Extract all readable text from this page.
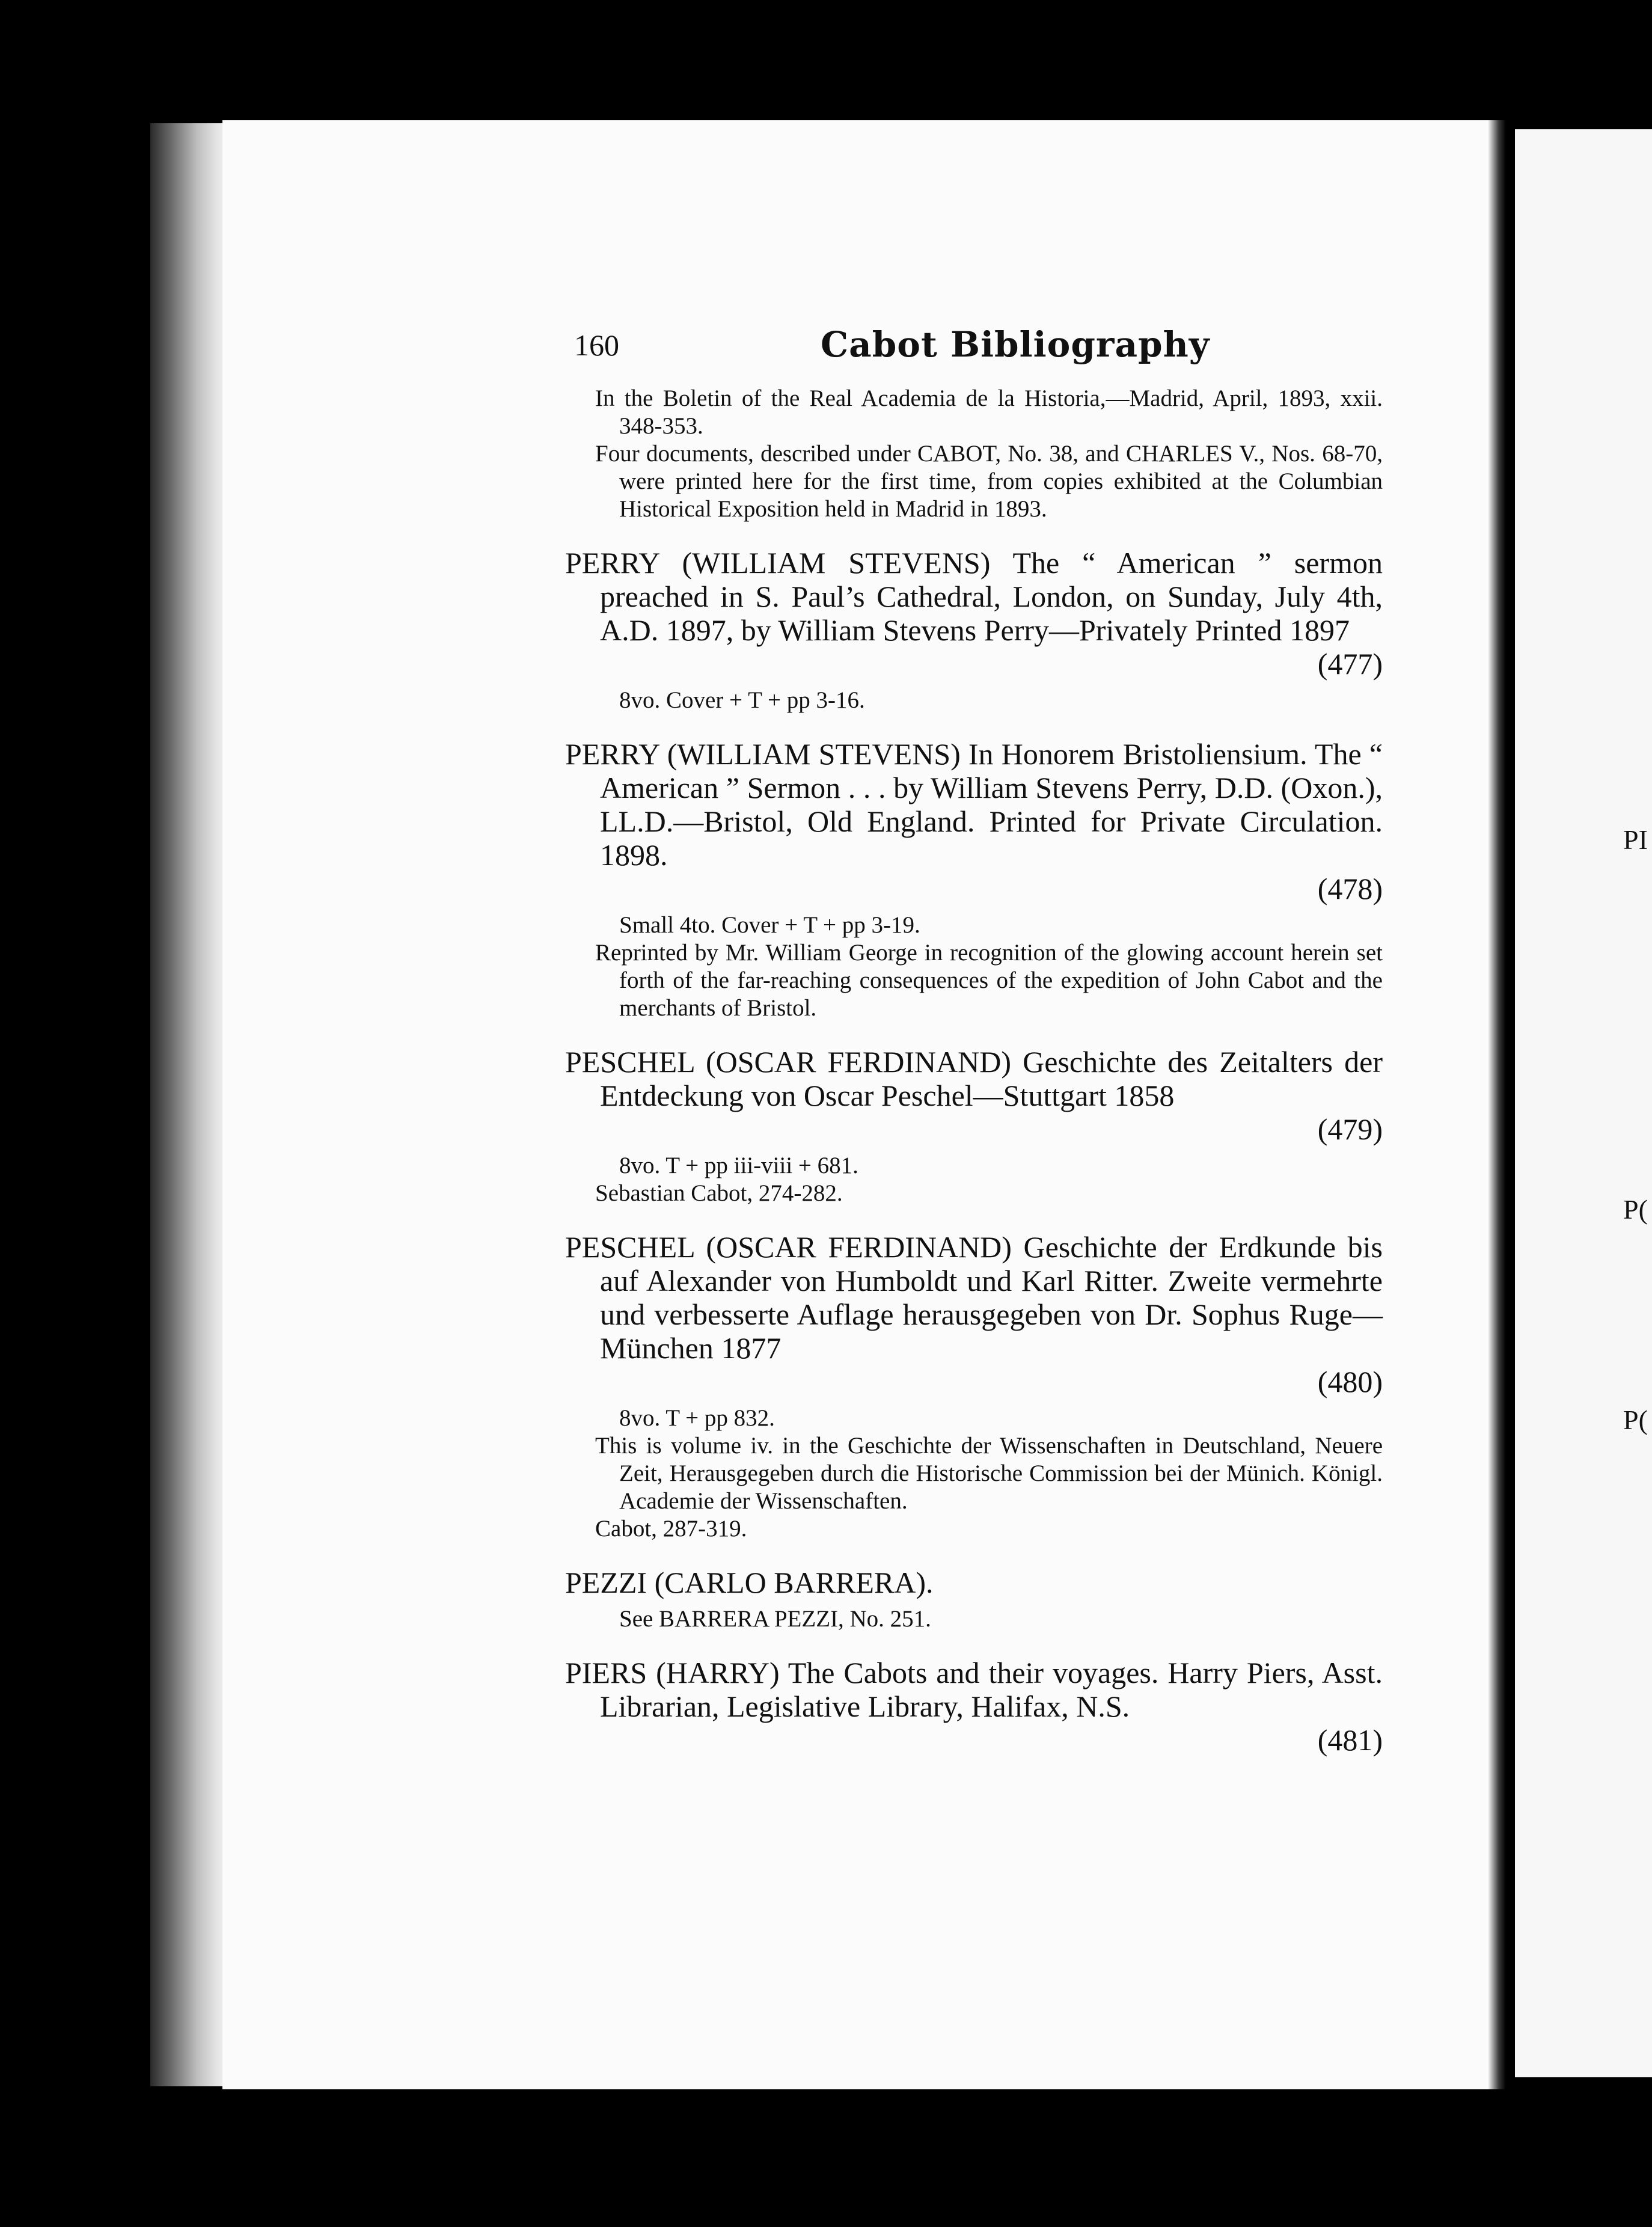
PI
P(
P(
160	Cabot Bibliography

In the Boletin of the Real Academia de la Historia,—Madrid, April, 1893, xxii. 348-353.

Four documents, described under CABOT, No. 38, and CHARLES V., Nos. 68-70, were printed here for the first time, from copies exhibited at the Columbian Historical Exposition held in Madrid in 1893.

PERRY (WILLIAM STEVENS) The “ American ” sermon preached in S. Paul’s Cathedral, London, on Sunday, July 4th, A.D. 1897, by William Stevens Perry—Privately Printed 1897

(477)

8vo. Cover + T + pp 3-16.

PERRY (WILLIAM STEVENS) In Honorem Bristoliensium. The “ American ” Sermon . . . by William Stevens Perry, D.D. (Oxon.), LL.D.—Bristol, Old England. Printed for Private Circulation. 1898.

(478)

Small 4to. Cover + T + pp 3-19.

Reprinted by Mr. William George in recognition of the glowing account herein set forth of the far-reaching consequences of the expedition of John Cabot and the merchants of Bristol.

PESCHEL (OSCAR FERDINAND) Geschichte des Zeitalters der Entdeckung von Oscar Peschel—Stuttgart 1858

(479)

8vo. T + pp iii-viii + 681.

Sebastian Cabot, 274-282.

PESCHEL (OSCAR FERDINAND) Geschichte der Erdkunde bis auf Alexander von Humboldt und Karl Ritter. Zweite vermehrte und verbesserte Auflage herausgegeben von Dr. Sophus Ruge—München 1877

(480)

8vo. T + pp 832.

This is volume iv. in the Geschichte der Wissenschaften in Deutschland, Neuere Zeit, Herausgegeben durch die Historische Commission bei der Münich. Königl. Academie der Wissenschaften.

Cabot, 287-319.

PEZZI (CARLO BARRERA).

See BARRERA PEZZI, No. 251.

PIERS (HARRY) The Cabots and their voyages. Harry Piers, Asst. Librarian, Legislative Library, Halifax, N.S.

(481)
